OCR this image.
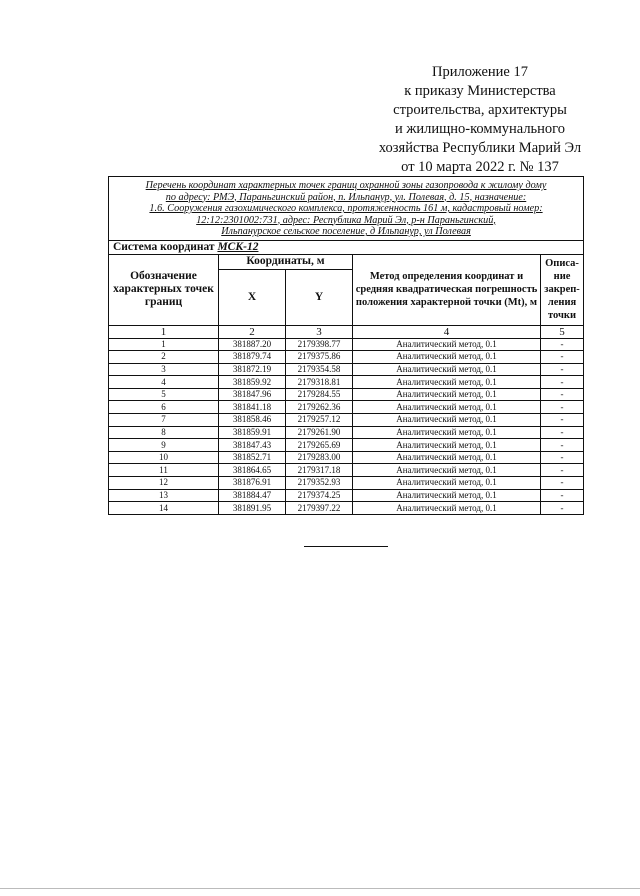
Приложение 17
к приказу Министерства
строительства, архитектуры
и жилищно-коммунального
хозяйства Республики Марий Эл
от 10 марта 2022 г. № 137
Перечень координат характерных точек границ охранной зоны газопровода к жилому дому
по адресу: РМЭ, Параньгинский район, п. Ильпанур, ул. Полевая, д. 15, назначение:
1.6. Сооружения газохимического комплекса, протяженность 161 м, кадастровый номер:
12:12:2301002:731, адрес: Республика Марий Эл, р-н Параньгинский,
Ильпанурское сельское поселение, д Ильпанур, ул Полевая				

Система координат МСК-12				
Обозначение характерных точек границ	Координаты, м		Метод определения координат и средняя квадратическая погрешность положения характерной точки (Mt), м	Описа- ние закреп- ления точки
	X	Y		
1	2	3	4	5
1	381887.20	2179398.77	Аналитический метод, 0.1	-
2	381879.74	2179375.86	Аналитический метод, 0.1	-
3	381872.19	2179354.58	Аналитический метод, 0.1	-
4	381859.92	2179318.81	Аналитический метод, 0.1	-
5	381847.96	2179284.55	Аналитический метод, 0.1	-
6	381841.18	2179262.36	Аналитический метод, 0.1	-
7	381858.46	2179257.12	Аналитический метод, 0.1	-
8	381859.91	2179261.90	Аналитический метод, 0.1	-
9	381847.43	2179265.69	Аналитический метод, 0.1	-
10	381852.71	2179283.00	Аналитический метод, 0.1	-
11	381864.65	2179317.18	Аналитический метод, 0.1	-
12	381876.91	2179352.93	Аналитический метод, 0.1	-
13	381884.47	2179374.25	Аналитический метод, 0.1	-
14	381891.95	2179397.22	Аналитический метод, 0.1	-
